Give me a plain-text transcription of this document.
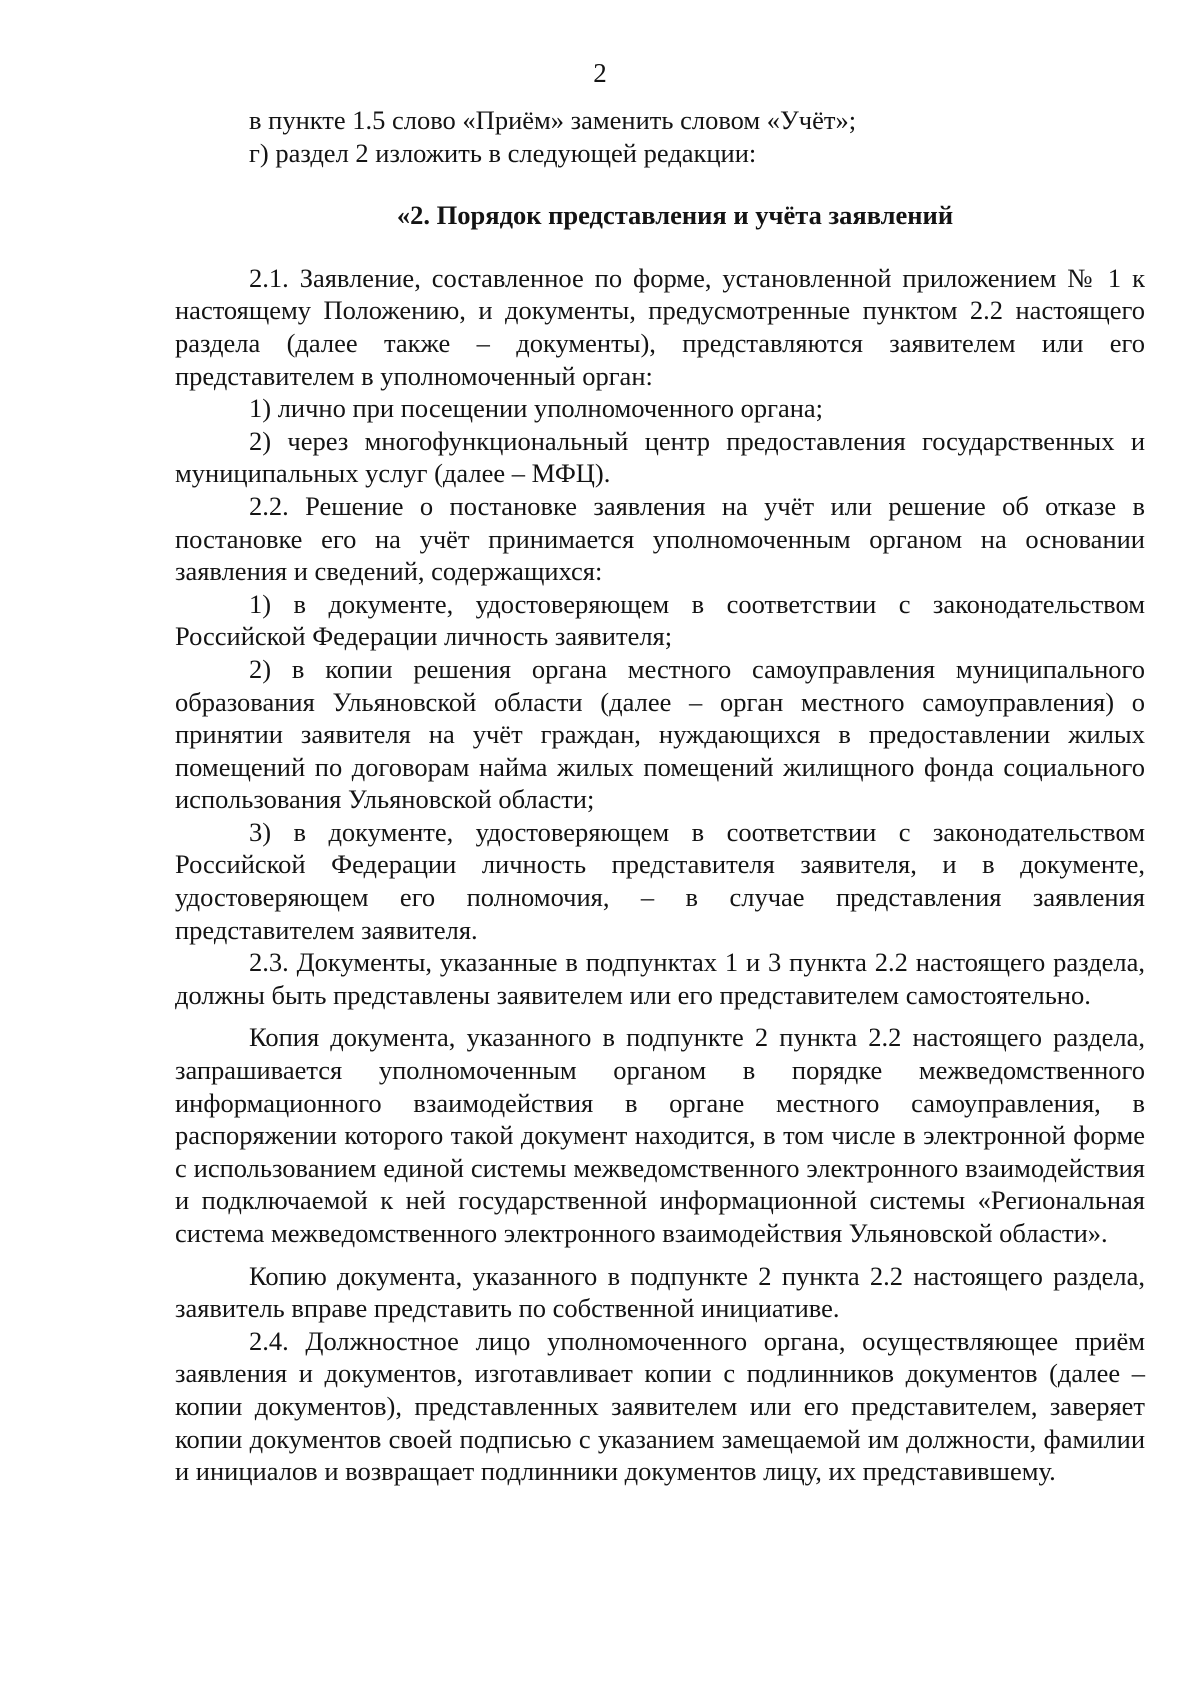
2

в пункте 1.5 слово «Приём» заменить словом «Учёт»;

г) раздел 2 изложить в следующей редакции:

«2. Порядок представления и учёта заявлений

2.1. Заявление, составленное по форме, установленной приложением № 1 к настоящему Положению, и документы, предусмотренные пунктом 2.2 настоящего раздела (далее также – документы), представляются заявителем или его представителем в уполномоченный орган:

1) лично при посещении уполномоченного органа;

2) через многофункциональный центр предоставления государственных и муниципальных услуг (далее – МФЦ).

2.2. Решение о постановке заявления на учёт или решение об отказе в постановке его на учёт принимается уполномоченным органом на основании заявления и сведений, содержащихся:

1) в документе, удостоверяющем в соответствии с законодательством Российской Федерации личность заявителя;

2) в копии решения органа местного самоуправления муниципального образования Ульяновской области (далее – орган местного самоуправления) о принятии заявителя на учёт граждан, нуждающихся в предоставлении жилых помещений по договорам найма жилых помещений жилищного фонда социального использования Ульяновской области;

3) в документе, удостоверяющем в соответствии с законодательством Российской Федерации личность представителя заявителя, и в документе, удостоверяющем его полномочия, – в случае представления заявления представителем заявителя.

2.3. Документы, указанные в подпунктах 1 и 3 пункта 2.2 настоящего раздела, должны быть представлены заявителем или его представителем самостоятельно.

Копия документа, указанного в подпункте 2 пункта 2.2 настоящего раздела, запрашивается уполномоченным органом в порядке межведомственного информационного взаимодействия в органе местного самоуправления, в распоряжении которого такой документ находится, в том числе в электронной форме с использованием единой системы межведомственного электронного взаимодействия и подключаемой к ней государственной информационной системы «Региональная система межведомственного электронного взаимодействия Ульяновской области».

Копию документа, указанного в подпункте 2 пункта 2.2 настоящего раздела, заявитель вправе представить по собственной инициативе.

2.4. Должностное лицо уполномоченного органа, осуществляющее приём заявления и документов, изготавливает копии с подлинников документов (далее – копии документов), представленных заявителем или его представителем, заверяет копии документов своей подписью с указанием замещаемой им должности, фамилии и инициалов и возвращает подлинники документов лицу, их представившему.
